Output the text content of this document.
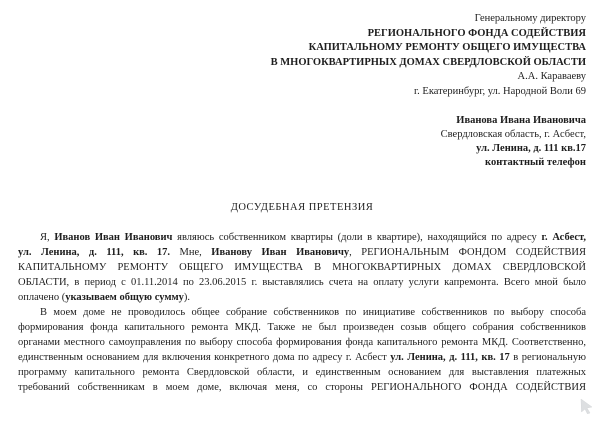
Генеральному директору
РЕГИОНАЛЬНОГО ФОНДА СОДЕЙСТВИЯ
КАПИТАЛЬНОМУ РЕМОНТУ ОБЩЕГО ИМУЩЕСТВА
В МНОГОКВАРТИРНЫХ ДОМАХ СВЕРДЛОВСКОЙ ОБЛАСТИ
А.А. Караваеву
г. Екатеринбург, ул. Народной Воли 69
Иванова Ивана Ивановича
Свердловская область, г. Асбест,
ул. Ленина, д. 111 кв.17
контактный телефон
ДОСУДЕБНАЯ ПРЕТЕНЗИЯ
Я, Иванов Иван Иванович являюсь собственником квартиры (доли в квартире), находящийся по адресу г. Асбест,
ул. Ленина, д. 111, кв. 17. Мне, Иванову Иван Ивановичу, РЕГИОНАЛЬНЫМ ФОНДОМ СОДЕЙСТВИЯ
КАПИТАЛЬНОМУ РЕМОНТУ ОБЩЕГО ИМУЩЕСТВА В МНОГОКВАРТИРНЫХ ДОМАХ СВЕРДЛОВСКОЙ
ОБЛАСТИ, в период с 01.11.2014 по 23.06.2015 г. выставлялись счета на оплату услуги капремонта. Всего мной было
оплачено (указываем общую сумму).
В моем доме не проводилось общее собрание собственников по инициативе собственников по выбору способа
формирования фонда капитального ремонта МКД. Также не был произведен созыв общего собрания собственников
органами местного самоуправления по выбору способа формирования фонда капитального ремонта МКД. Соответственно,
единственным основанием для включения конкретного дома по адресу г. Асбест ул. Ленина, д. 111, кв. 17 в региональную
программу капитального ремонта Свердловской области, и единственным основанием для выставления платежных
требований собственникам в моем доме, включая меня, со стороны РЕГИОНАЛЬНОГО ФОНДА СОДЕЙСТВИЯ
